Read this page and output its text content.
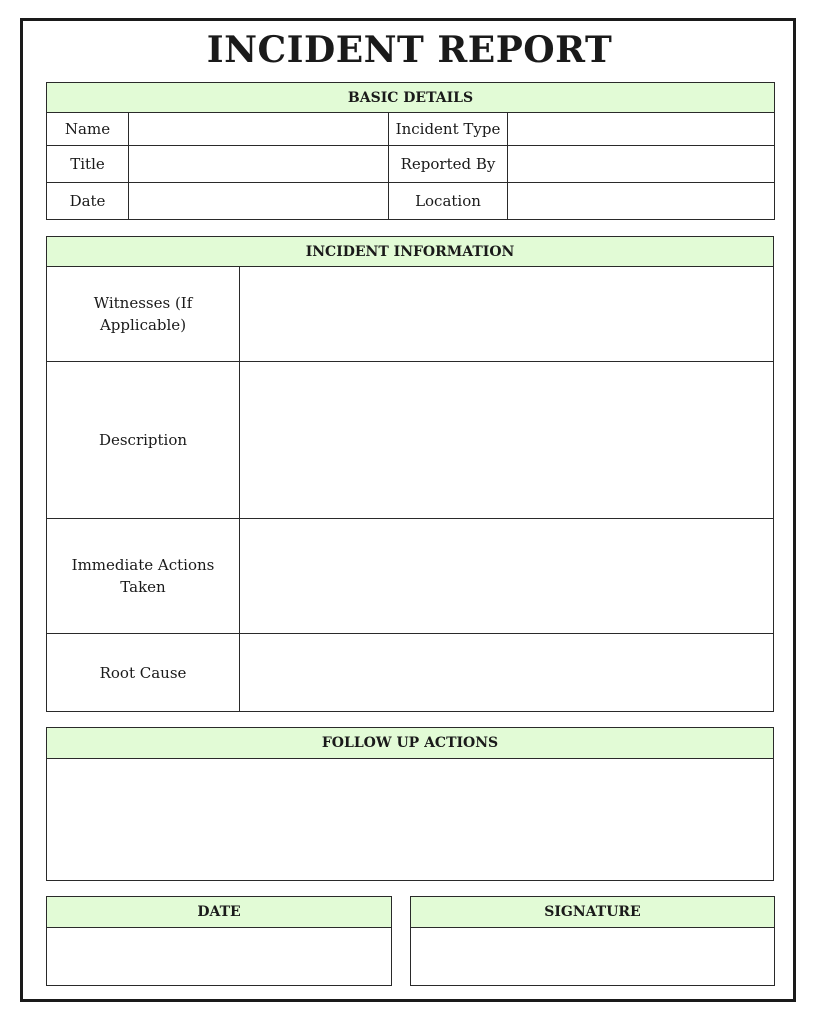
INCIDENT REPORT
BASIC DETAILS			
Name		Incident Type	
Title		Reported By	
Date		Location	
INCIDENT INFORMATION	
Witnesses (If Applicable)	
Description	
Immediate Actions Taken	
Root Cause	
FOLLOW UP ACTIONS

DATE	SIGNATURE
